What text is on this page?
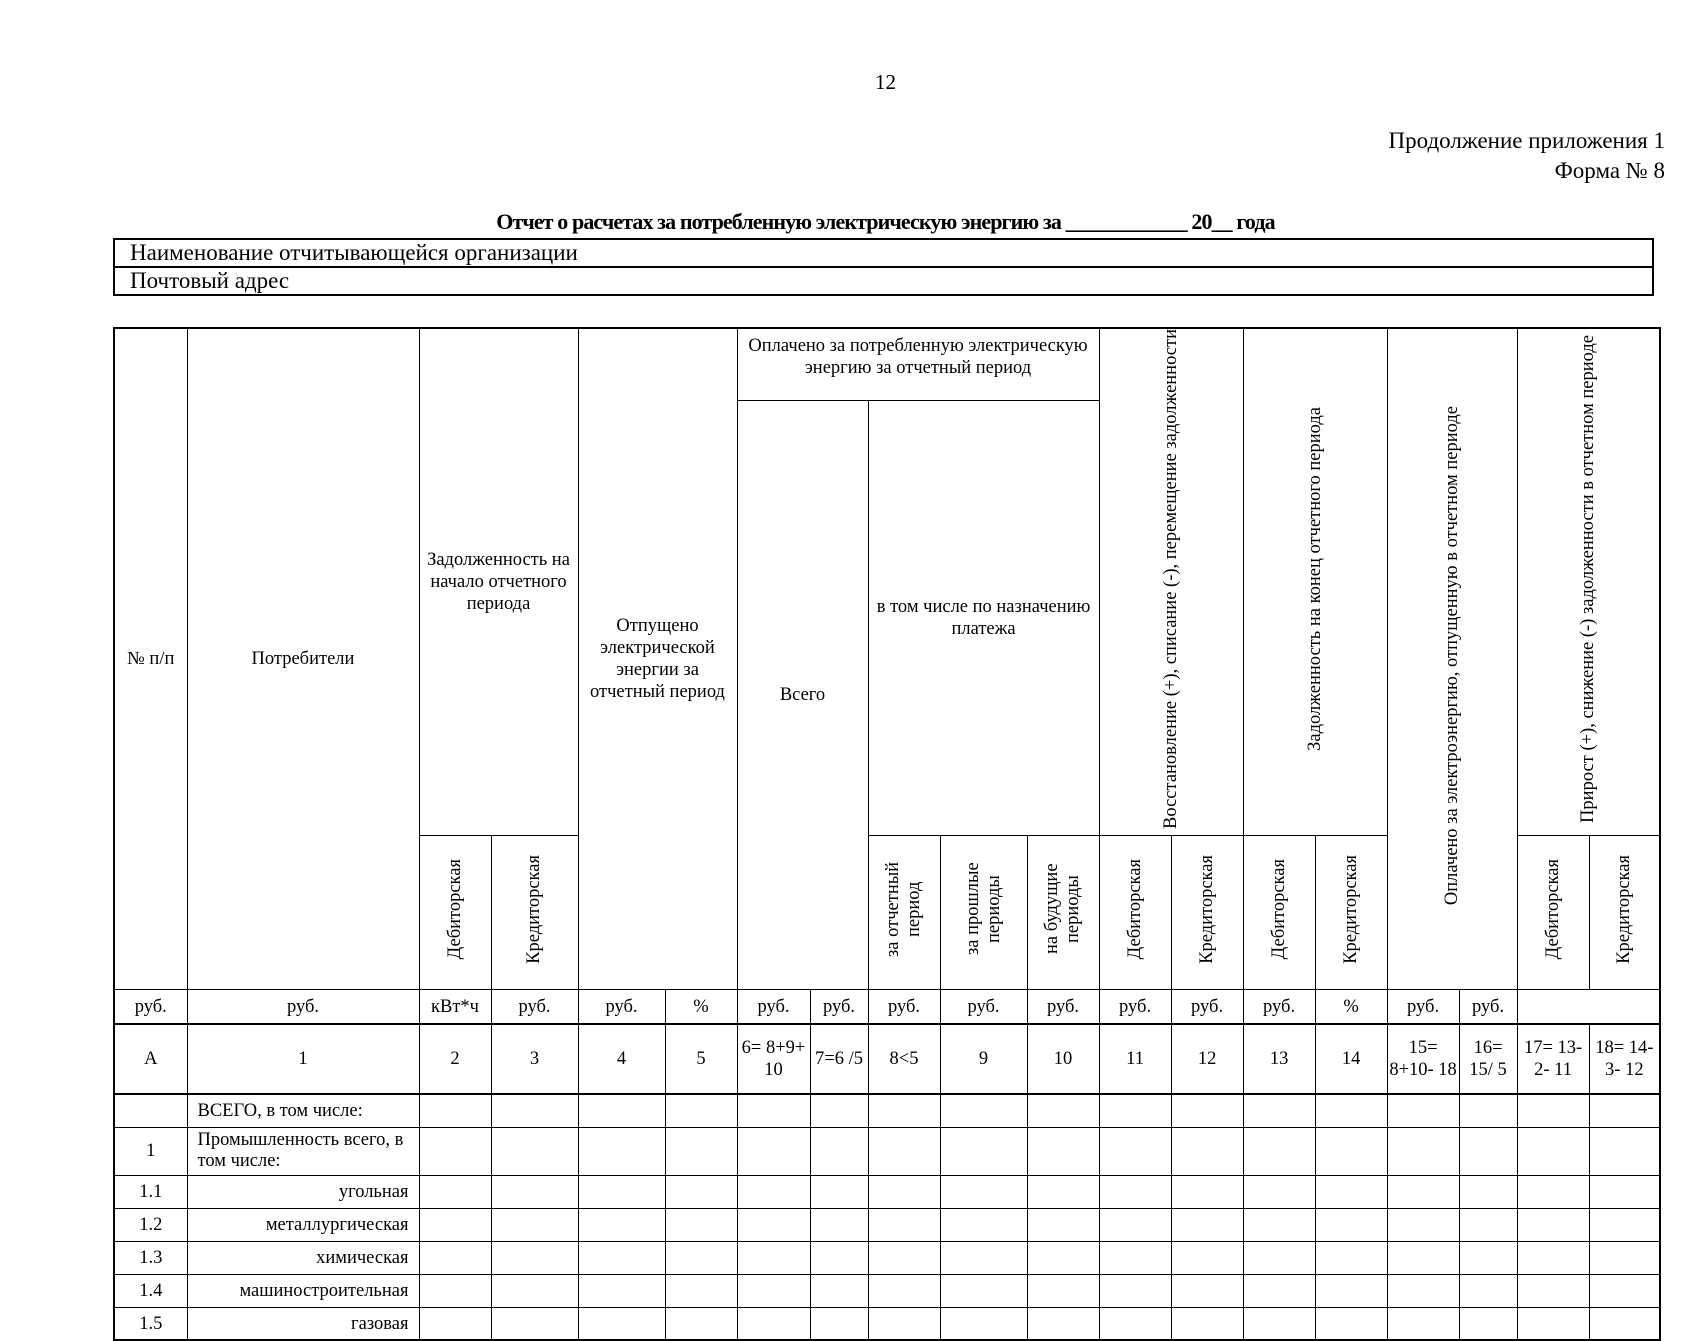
12
Продолжение приложения 1
Форма № 8
Отчет о расчетах за потребленную электрическую энергию за ____________ 20__ года
Наименование отчитывающейся организации
Почтовый адрес
№ п/п	Потребители	Задолженность на начало отчетного периода		Отпущено электрической энергии за отчетный период		Оплачено за потребленную электрическую энергию за отчетный период					Восстановление (+), списание (-), перемещение задолженности		Задолженность на конец отчетного периода		Оплачено за электроэнергию, отпущенную в отчетном периоде		Прирост (+), снижение (-) задолженности в отчетном периоде	
						Всего		в том числе по назначению платежа										
		Дебиторская	Кредиторская					за отчетный период	за прошлые периоды	на будущие периоды	Дебиторская	Кредиторская	Дебиторская	Кредиторская			Дебиторская	Кредиторская
руб.	руб.	кВт*ч	руб.	руб.	%	руб.	руб.	руб.	руб.	руб.	руб.	руб.	руб.	%	руб.	руб.		
А	1	2	3	4	5	6= 8+9+ 10	7=6 /5	8<5	9	10	11	12	13	14	15= 8+10- 18	16= 15/ 5	17= 13-2- 11	18= 14-3- 12
	ВСЕГО, в том числе:																	
1	Промышленность всего, в том числе:																	
1.1	угольная																	
1.2	металлургическая																	
1.3	химическая																	
1.4	машиностроительная																	
1.5	газовая																	
